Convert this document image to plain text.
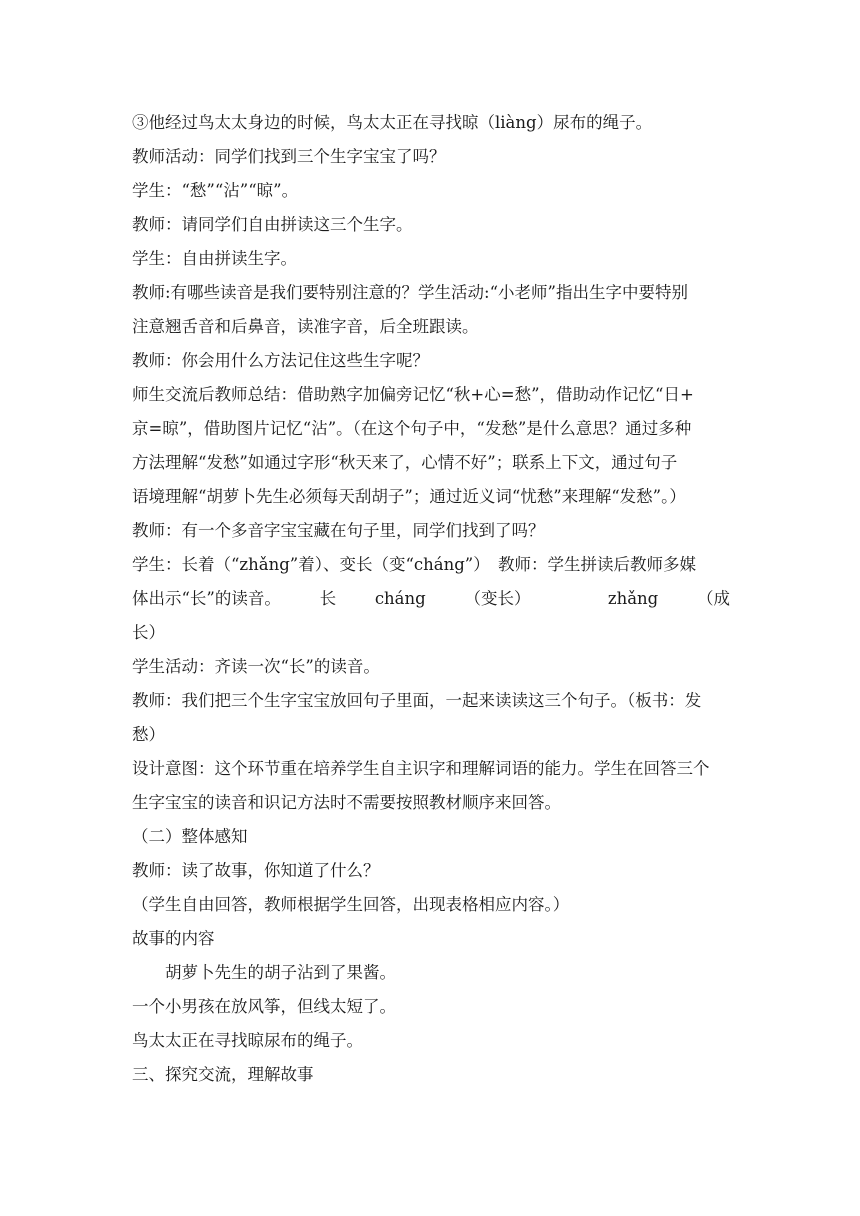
③他经过鸟太太身边的时候，鸟太太正在寻找晾（liàng）尿布的绳子。
教师活动：同学们找到三个生字宝宝了吗？
学生：“愁”“沾”“晾”。
教师：请同学们自由拼读这三个生字。
学生：自由拼读生字。
教师:有哪些读音是我们要特别注意的？学生活动:“小老师”指出生字中要特别
注意翘舌音和后鼻音，读准字音，后全班跟读。
教师：你会用什么方法记住这些生字呢？
师生交流后教师总结：借助熟字加偏旁记忆“秋+心=愁”，借助动作记忆“日+
京=晾”，借助图片记忆“沾”。（在这个句子中，“发愁”是什么意思？通过多种
方法理解“发愁”如通过字形“秋天来了，心情不好”；联系上下文，通过句子
语境理解“胡萝卜先生必须每天刮胡子”；通过近义词“忧愁”来理解“发愁”。）
教师：有一个多音字宝宝藏在句子里，同学们找到了吗？
学生：长着（“zhǎng”着）、变长（变“cháng”）　教师：学生拼读后教师多媒
体出示“长”的读音。 长 cháng （变长）	zhǎng （成
长）
学生活动：齐读一次“长”的读音。
教师：我们把三个生字宝宝放回句子里面，一起来读读这三个句子。（板书：发
愁）
设计意图：这个环节重在培养学生自主识字和理解词语的能力。学生在回答三个
生字宝宝的读音和识记方法时不需要按照教材顺序来回答。
（二）整体感知
教师：读了故事，你知道了什么？
（学生自由回答，教师根据学生回答，出现表格相应内容。）
故事的内容
胡萝卜先生的胡子沾到了果酱。
一个小男孩在放风筝，但线太短了。
鸟太太正在寻找晾尿布的绳子。
三、探究交流，理解故事
